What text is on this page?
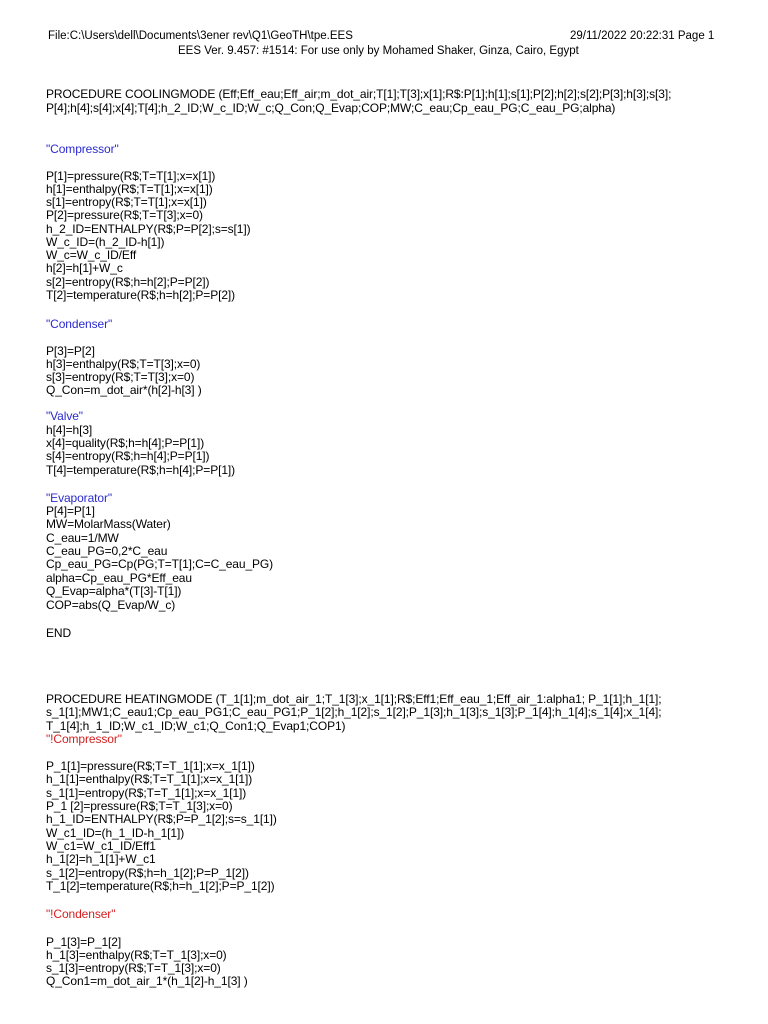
File:C:\Users\dell\Documents\3ener rev\Q1\GeoTH\tpe.EES	29/11/2022 20:22:31 Page 1
EES Ver. 9.457: #1514: For use only by Mohamed Shaker, Ginza, Cairo, Egypt
PROCEDURE COOLINGMODE (Eff;Eff_eau;Eff_air;m_dot_air;T[1];T[3];x[1];R$:P[1];h[1];s[1];P[2];h[2];s[2];P[3];h[3];s[3];
P[4];h[4];s[4];x[4];T[4];h_2_ID;W_c_ID;W_c;Q_Con;Q_Evap;COP;MW;C_eau;Cp_eau_PG;C_eau_PG;alpha)
"Compressor"
P[1]=pressure(R$;T=T[1];x=x[1])
h[1]=enthalpy(R$;T=T[1];x=x[1])
s[1]=entropy(R$;T=T[1];x=x[1])
P[2]=pressure(R$;T=T[3];x=0)
h_2_ID=ENTHALPY(R$;P=P[2];s=s[1])
W_c_ID=(h_2_ID-h[1])
W_c=W_c_ID/Eff
h[2]=h[1]+W_c
s[2]=entropy(R$;h=h[2];P=P[2])
T[2]=temperature(R$;h=h[2];P=P[2])
"Condenser"
P[3]=P[2]
h[3]=enthalpy(R$;T=T[3];x=0)
s[3]=entropy(R$;T=T[3];x=0)
Q_Con=m_dot_air*(h[2]-h[3] )
"Valve"
h[4]=h[3]
x[4]=quality(R$;h=h[4];P=P[1])
s[4]=entropy(R$;h=h[4];P=P[1])
T[4]=temperature(R$;h=h[4];P=P[1])
"Evaporator"
P[4]=P[1]
MW=MolarMass(Water)
C_eau=1/MW
C_eau_PG=0,2*C_eau
Cp_eau_PG=Cp(PG;T=T[1];C=C_eau_PG)
alpha=Cp_eau_PG*Eff_eau
Q_Evap=alpha*(T[3]-T[1])
COP=abs(Q_Evap/W_c)
END
PROCEDURE HEATINGMODE (T_1[1];m_dot_air_1;T_1[3];x_1[1];R$;Eff1;Eff_eau_1;Eff_air_1:alpha1; P_1[1];h_1[1];
s_1[1];MW1;C_eau1;Cp_eau_PG1;C_eau_PG1;P_1[2];h_1[2];s_1[2];P_1[3];h_1[3];s_1[3];P_1[4];h_1[4];s_1[4];x_1[4];
T_1[4];h_1_ID;W_c1_ID;W_c1;Q_Con1;Q_Evap1;COP1)
"!Compressor"
P_1[1]=pressure(R$;T=T_1[1];x=x_1[1])
h_1[1]=enthalpy(R$;T=T_1[1];x=x_1[1])
s_1[1]=entropy(R$;T=T_1[1];x=x_1[1])
P_1 [2]=pressure(R$;T=T_1[3];x=0)
h_1_ID=ENTHALPY(R$;P=P_1[2];s=s_1[1])
W_c1_ID=(h_1_ID-h_1[1])
W_c1=W_c1_ID/Eff1
h_1[2]=h_1[1]+W_c1
s_1[2]=entropy(R$;h=h_1[2];P=P_1[2])
T_1[2]=temperature(R$;h=h_1[2];P=P_1[2])
"!Condenser"
P_1[3]=P_1[2]
h_1[3]=enthalpy(R$;T=T_1[3];x=0)
s_1[3]=entropy(R$;T=T_1[3];x=0)
Q_Con1=m_dot_air_1*(h_1[2]-h_1[3] )
